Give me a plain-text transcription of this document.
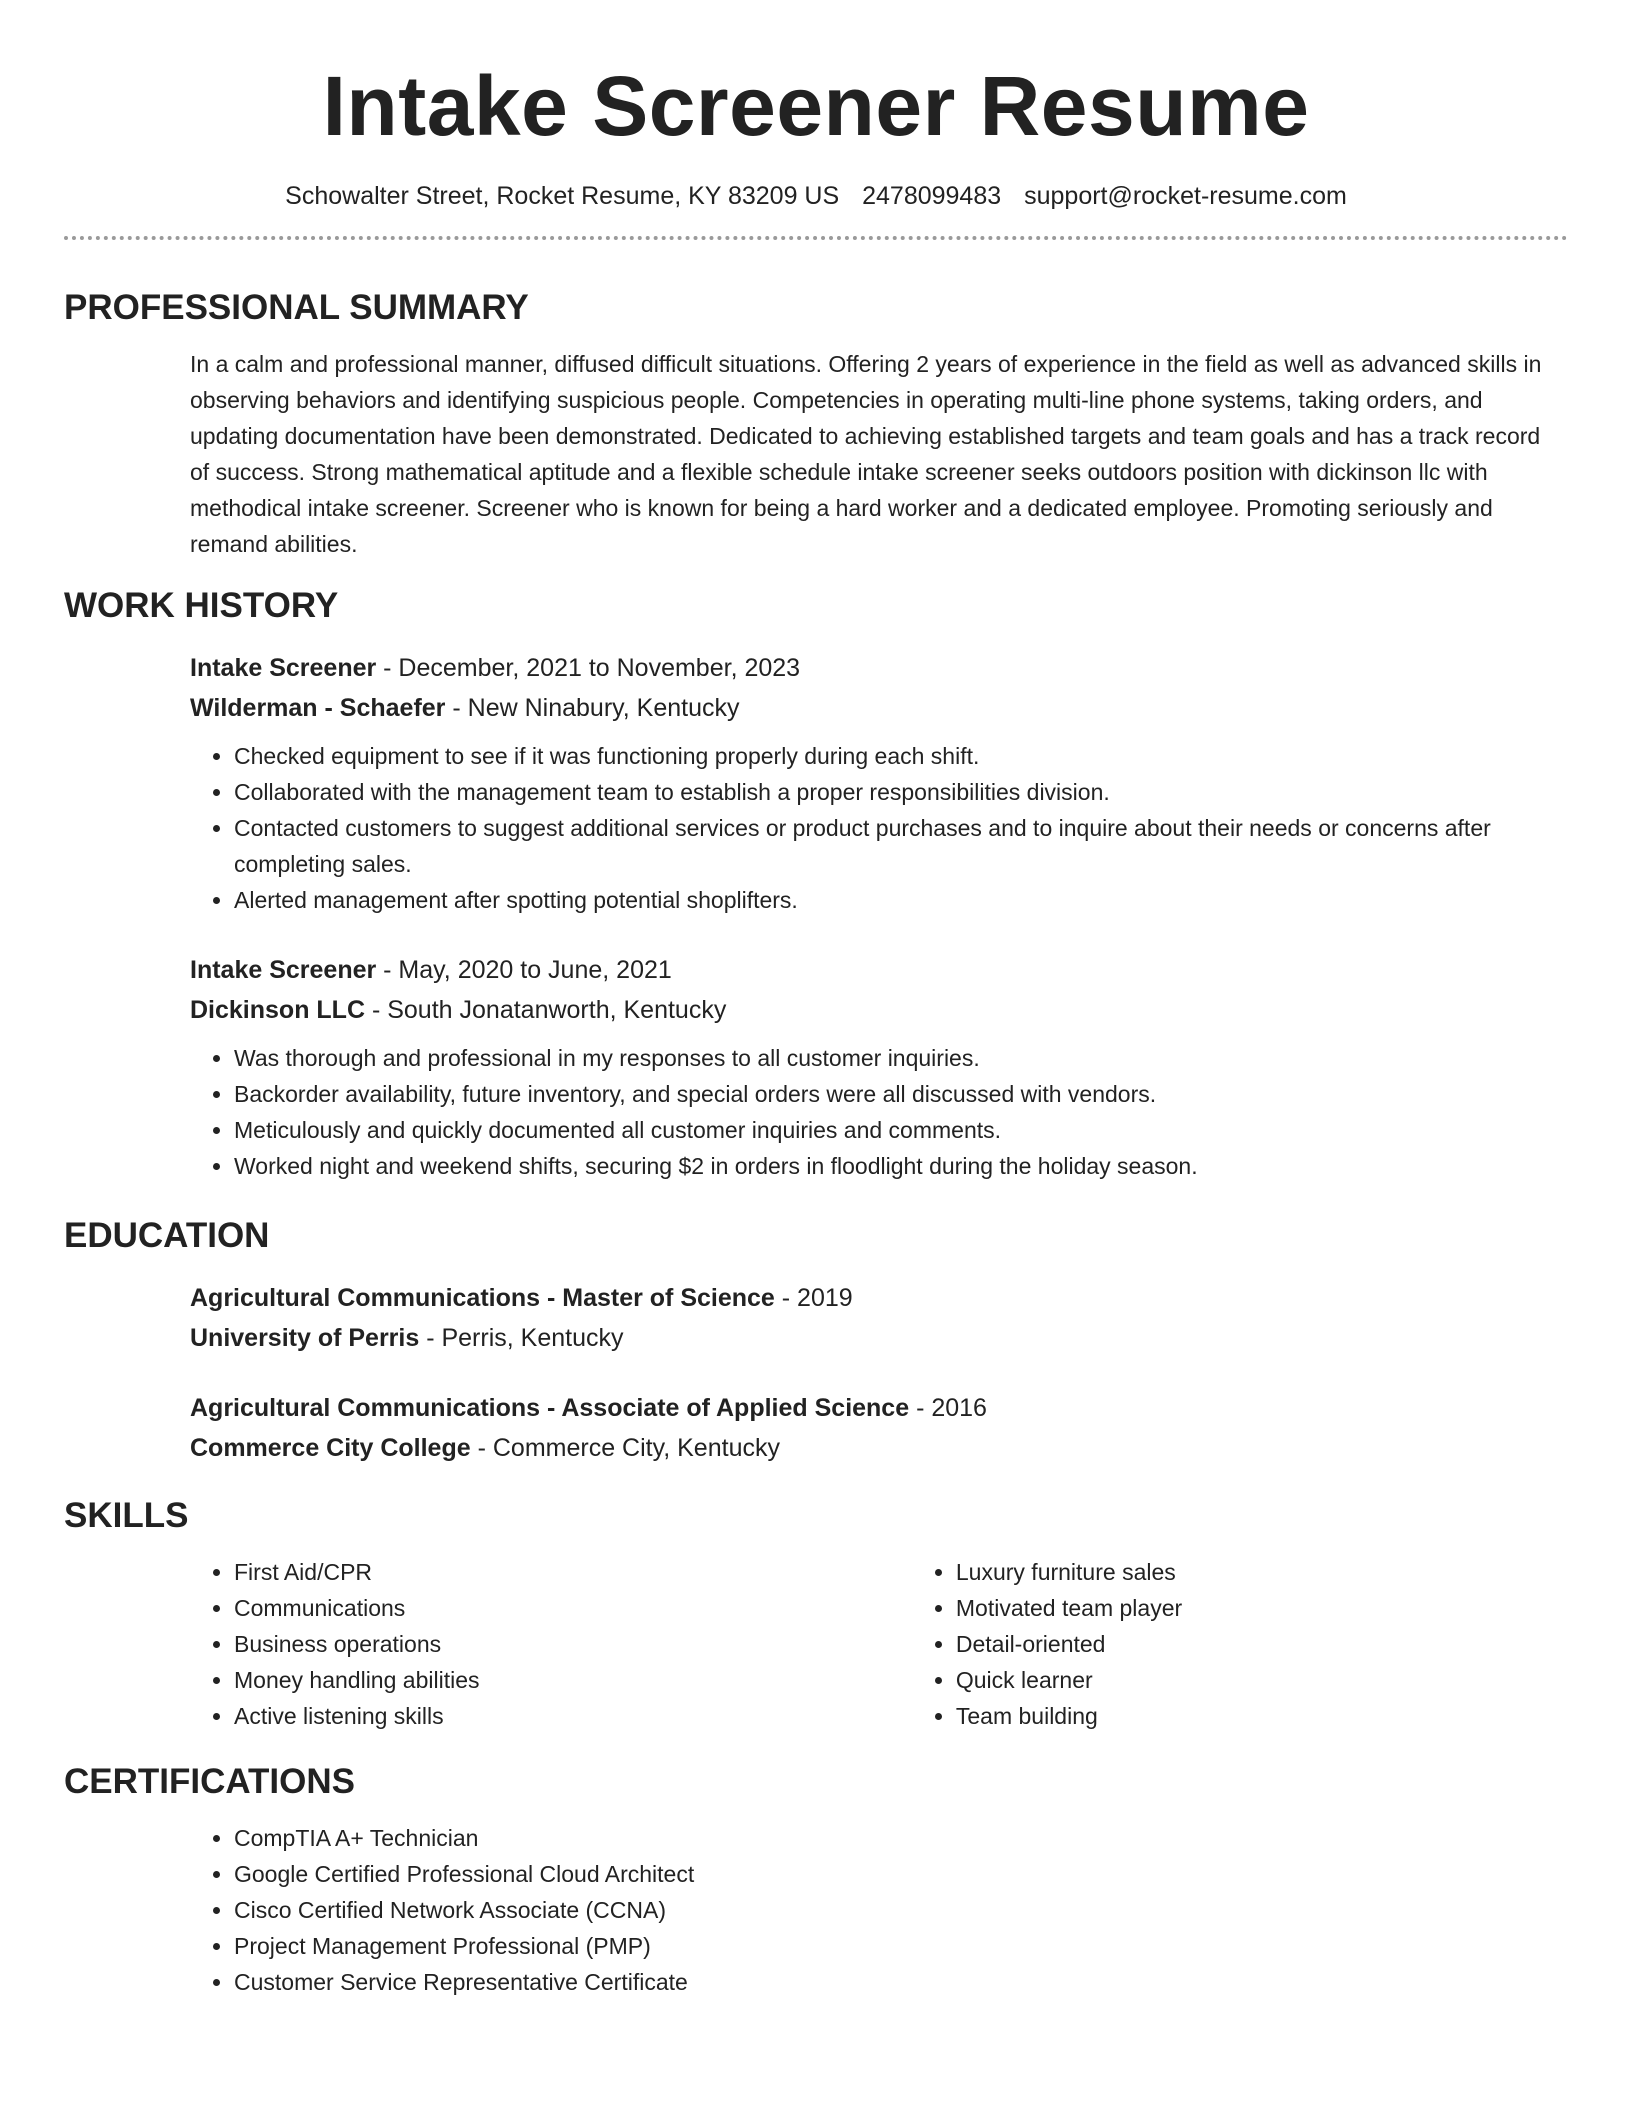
Intake Screener Resume
Schowalter Street, Rocket Resume, KY 83209 US 2478099483 support@rocket-resume.com
PROFESSIONAL SUMMARY

In a calm and professional manner, diffused difficult situations. Offering 2 years of experience in the field as well as advanced skills in observing behaviors and identifying suspicious people. Competencies in operating multi-line phone systems, taking orders, and updating documentation have been demonstrated. Dedicated to achieving established targets and team goals and has a track record of success. Strong mathematical aptitude and a flexible schedule intake screener seeks outdoors position with dickinson llc with methodical intake screener. Screener who is known for being a hard worker and a dedicated employee. Promoting seriously and remand abilities.

WORK HISTORY
Intake Screener - December, 2021 to November, 2023
Wilderman - Schaefer - New Ninabury, Kentucky
• Checked equipment to see if it was functioning properly during each shift.
• Collaborated with the management team to establish a proper responsibilities division.
• Contacted customers to suggest additional services or product purchases and to inquire about their needs or concerns after completing sales.
• Alerted management after spotting potential shoplifters.
Intake Screener - May, 2020 to June, 2021
Dickinson LLC - South Jonatanworth, Kentucky
• Was thorough and professional in my responses to all customer inquiries.
• Backorder availability, future inventory, and special orders were all discussed with vendors.
• Meticulously and quickly documented all customer inquiries and comments.
• Worked night and weekend shifts, securing $2 in orders in floodlight during the holiday season.
EDUCATION
Agricultural Communications - Master of Science - 2019
University of Perris - Perris, Kentucky
Agricultural Communications - Associate of Applied Science - 2016
Commerce City College - Commerce City, Kentucky
SKILLS
• First Aid/CPR
• Communications
• Business operations
• Money handling abilities
• Active listening skills
• Luxury furniture sales
• Motivated team player
• Detail-oriented
• Quick learner
• Team building
CERTIFICATIONS
• CompTIA A+ Technician
• Google Certified Professional Cloud Architect
• Cisco Certified Network Associate (CCNA)
• Project Management Professional (PMP)
• Customer Service Representative Certificate
